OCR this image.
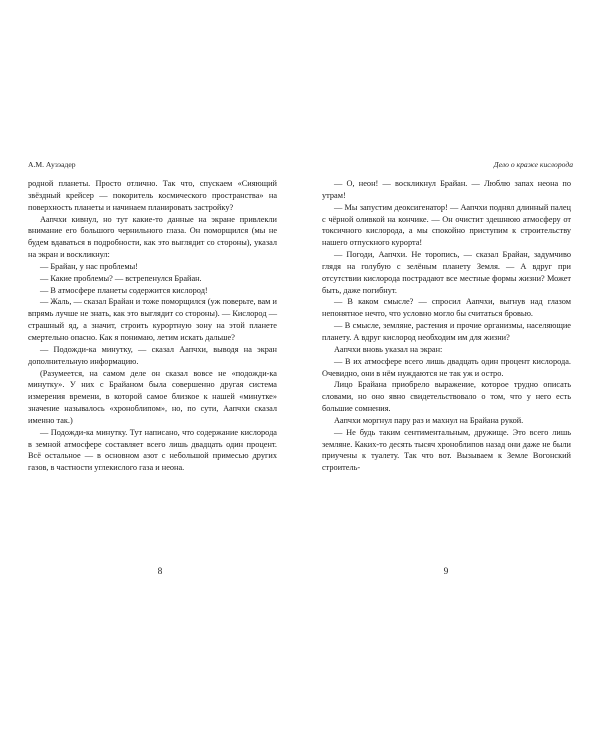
А.М. Аузэадер

родной планеты. Просто отлично. Так что, спускаем «Сияющий звёздный крейсер — покоритель космического пространства» на поверхность планеты и начинаем планировать застройку?

Аапчхи кивнул, но тут какие-то данные на экране привлекли внимание его большого чернильного глаза. Он поморщился (мы не будем вдаваться в подробности, как это выглядит со стороны), указал на экран и воскликнул:

— Брайан, у нас проблемы!

— Какие проблемы? — встрепенулся Брайан.

— В атмосфере планеты содержится кислород!

— Жаль, — сказал Брайан и тоже поморщился (уж поверьте, вам и впрямь лучше не знать, как это выглядит со стороны). — Кислород — страшный яд, а значит, строить курортную зону на этой планете смертельно опасно. Как я понимаю, летим искать дальше?

— Подожди-ка минутку, — сказал Аапчхи, выводя на экран дополнительную информацию.

(Разумеется, на самом деле он сказал вовсе не «подожди-ка минутку». У них с Брайаном была совершенно другая система измерения времени, в которой самое близкое к нашей «минутке» значение называлось «хроноблипом», но, по сути, Аапчхи сказал именно так.)

— Подожди-ка минутку. Тут написано, что содержание кислорода в земной атмосфере составляет всего лишь двадцать один процент. Всё остальное — в основном азот с небольшой примесью других газов, в частности углекислого газа и неона.

8
Дело о краже кислорода

— О, неон! — воскликнул Брайан. — Люблю запах неона по утрам!

— Мы запустим деоксигенатор! — Аапчхи поднял длинный палец с чёрной оливкой на кончике. — Он очистит здешнюю атмосферу от токсичного кислорода, а мы спокойно приступим к строительству нашего отпускного курорта!

— Погоди, Аапчхи. Не торопись, — сказал Брайан, задумчиво глядя на голубую с зелёным планету Земля. — А вдруг при отсутствии кислорода пострадают все местные формы жизни? Может быть, даже погибнут.

— В каком смысле? — спросил Аапчхи, выгнув над глазом непонятное нечто, что условно могло бы считаться бровью.

— В смысле, земляне, растения и прочие организмы, населяющие планету. А вдруг кислород необходим им для жизни?

Аапчхи вновь указал на экран:

— В их атмосфере всего лишь двадцать один процент кислорода. Очевидно, они в нём нуждаются не так уж и остро.

Лицо Брайана приобрело выражение, которое трудно описать словами, но оно явно свидетельствовало о том, что у него есть большие сомнения.

Аапчхи моргнул пару раз и махнул на Брайана рукой.

— Не будь таким сентиментальным, дружище. Это всего лишь земляне. Каких-то десять тысяч хроноблипов назад они даже не были приучены к туалету. Так что вот. Вызываем к Земле Вогонский строитель-

9
